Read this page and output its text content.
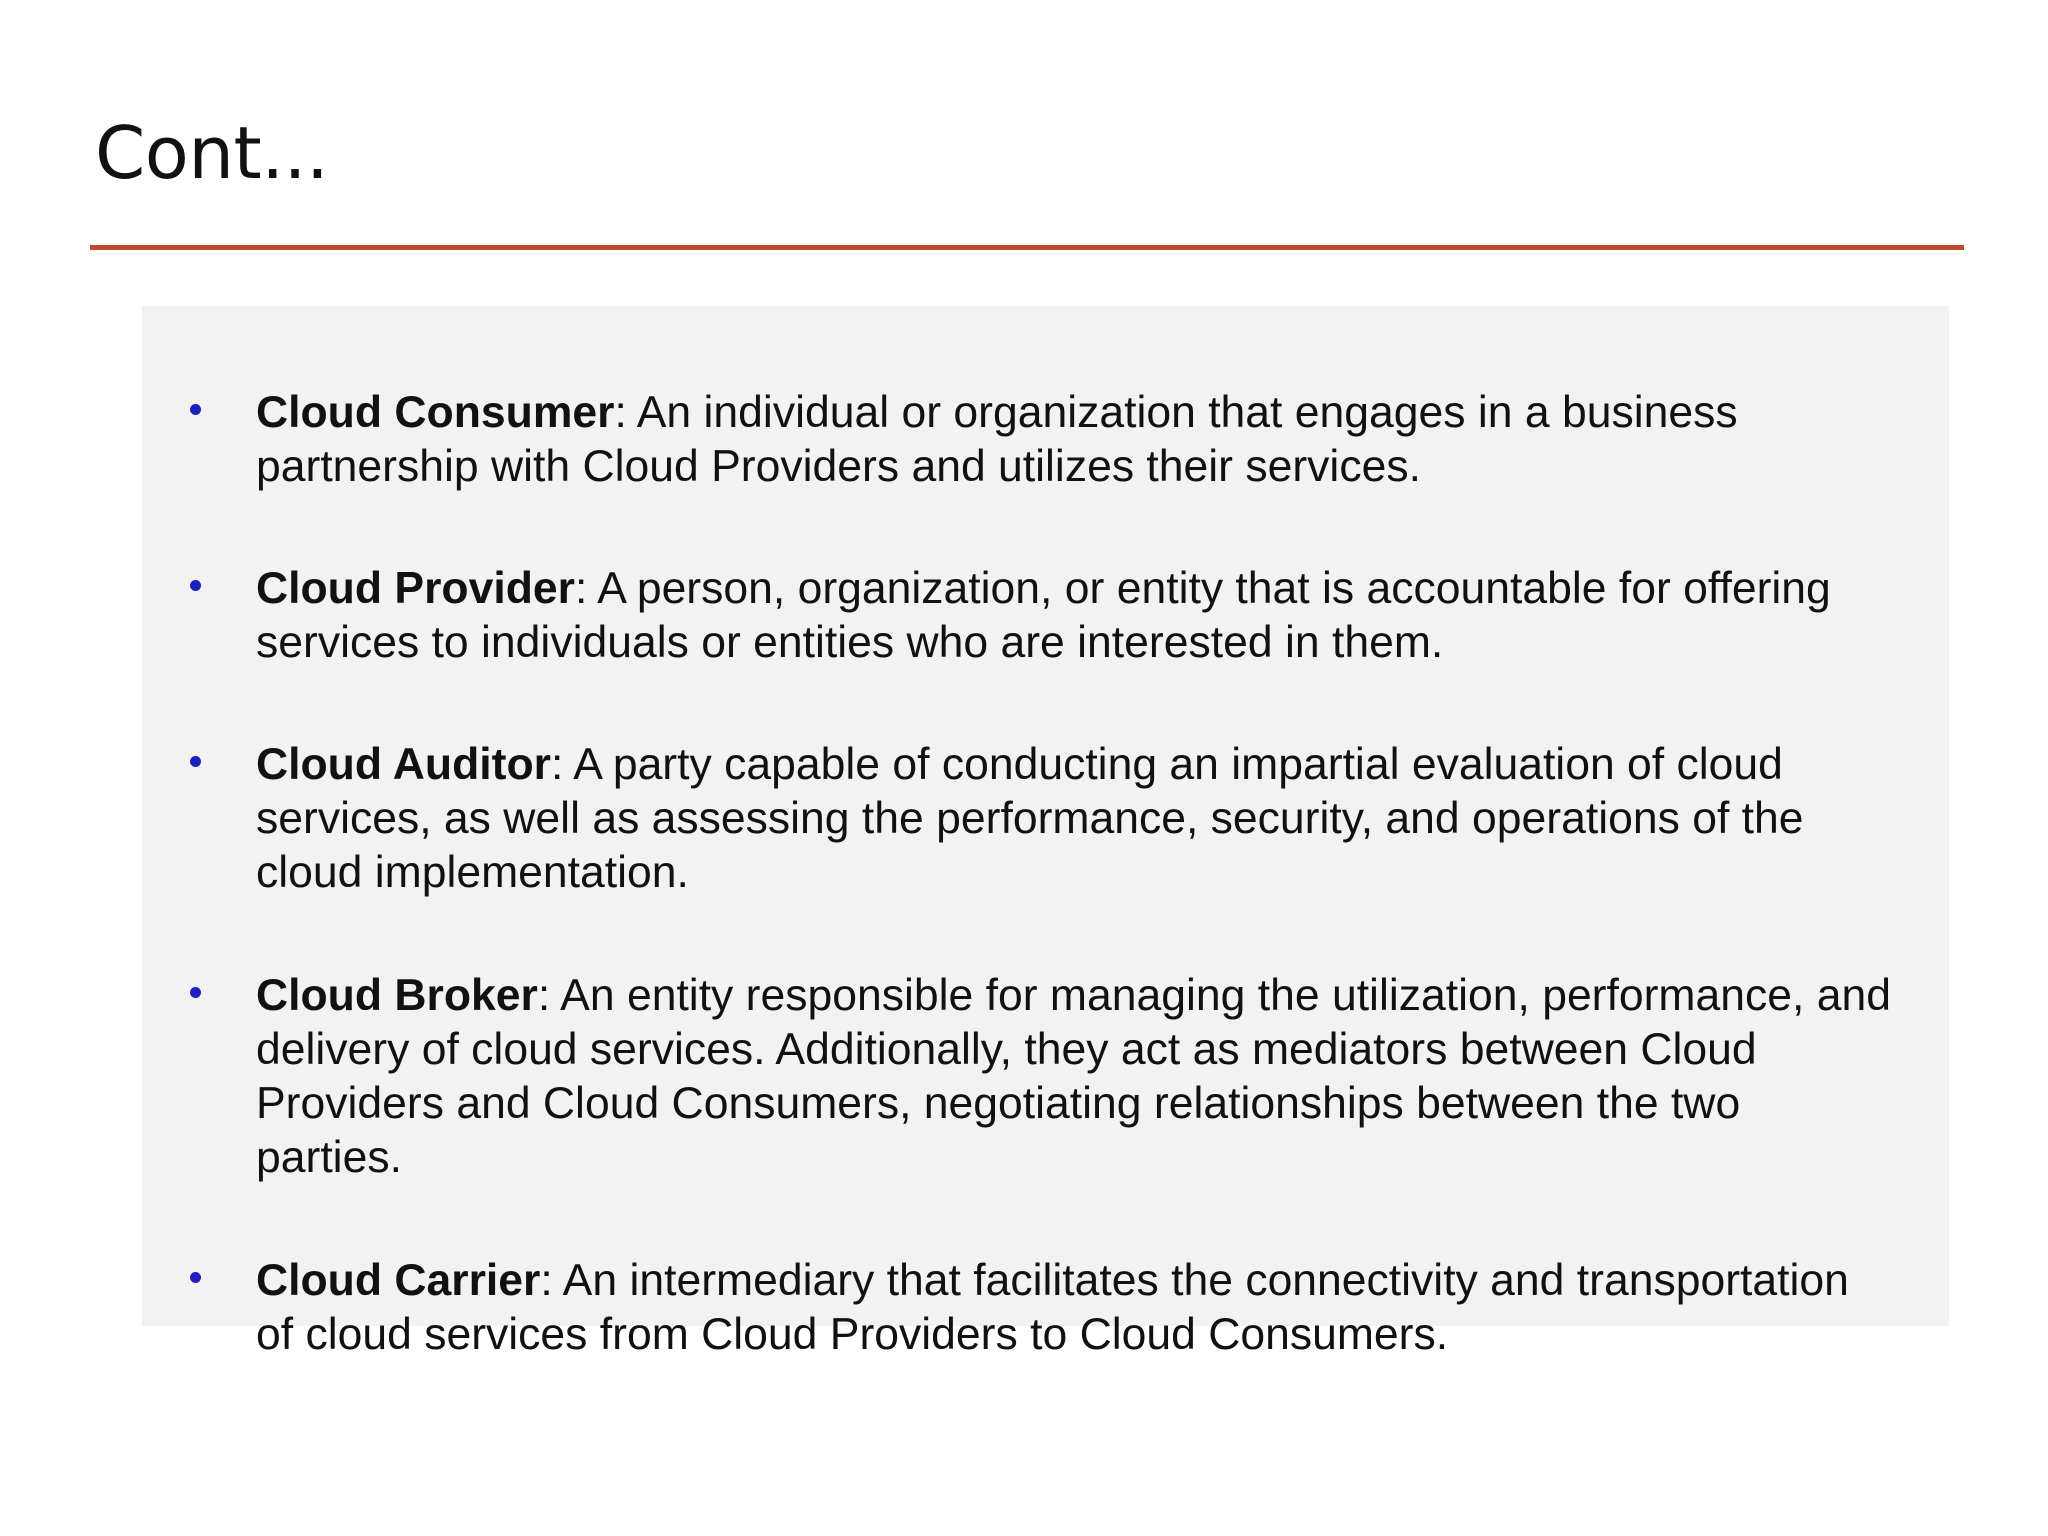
Cont...

Cloud Consumer: An individual or organization that engages in a business

partnership with Cloud Providers and utilizes their services.

Cloud Provider: A person, organization, or entity that is accountable for offering

services to individuals or entities who are interested in them.

Cloud Auditor: A party capable of conducting an impartial evaluation of cloud

services, as well as assessing the performance, security, and operations of the

cloud implementation.

Cloud Broker: An entity responsible for managing the utilization, performance, and

delivery of cloud services. Additionally, they act as mediators between Cloud

Providers and Cloud Consumers, negotiating relationships between the two

parties.

Cloud Carrier: An intermediary that facilitates the connectivity and transportation

of cloud services from Cloud Providers to Cloud Consumers.
